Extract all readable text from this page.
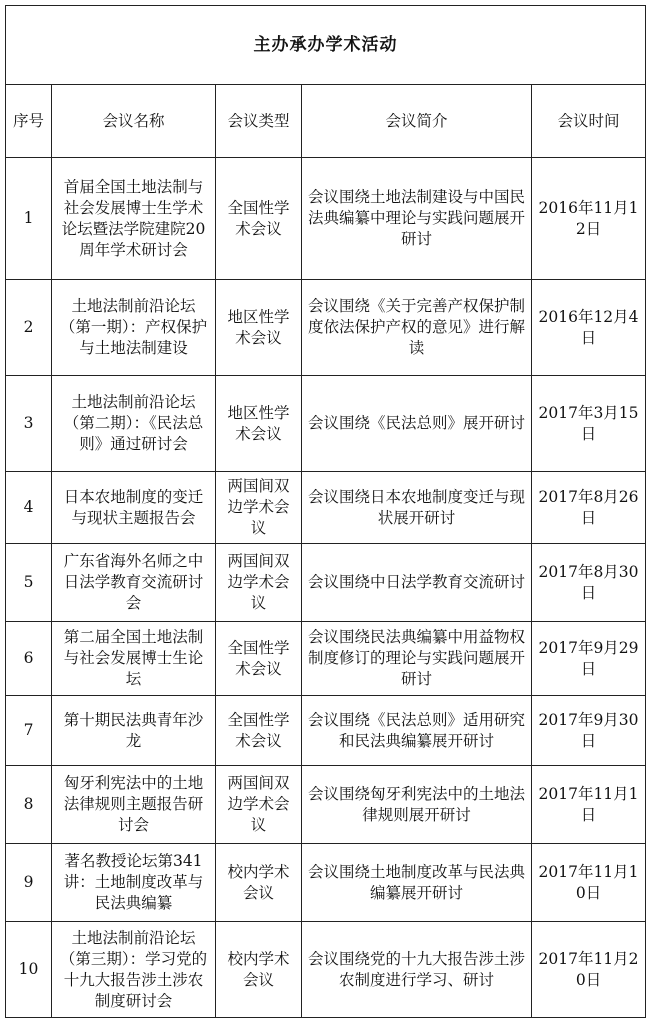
主办承办学术活动				
序号	会议名称	会议类型	会议简介	会议时间
1	首届全国土地法制与社会发展博士生学术论坛暨法学院建院20周年学术研讨会	全国性学术会议	会议围绕土地法制建设与中国民法典编纂中理论与实践问题展开研讨	2016年11月12日
2	土地法制前沿论坛（第一期）：产权保护与土地法制建设	地区性学术会议	会议围绕《关于完善产权保护制度依法保护产权的意见》进行解读	2016年12月4日
3	土地法制前沿论坛（第二期）：《民法总则》通过研讨会	地区性学术会议	会议围绕《民法总则》展开研讨	2017年3月15日
4	日本农地制度的变迁与现状主题报告会	两国间双边学术会议	会议围绕日本农地制度变迁与现状展开研讨	2017年8月26日
5	广东省海外名师之中日法学教育交流研讨会	两国间双边学术会议	会议围绕中日法学教育交流研讨	2017年8月30日
6	第二届全国土地法制与社会发展博士生论坛	全国性学术会议	会议围绕民法典编纂中用益物权制度修订的理论与实践问题展开研讨	2017年9月29日
7	第十期民法典青年沙龙	全国性学术会议	会议围绕《民法总则》适用研究和民法典编纂展开研讨	2017年9月30日
8	匈牙利宪法中的土地法律规则主题报告研讨会	两国间双边学术会议	会议围绕匈牙利宪法中的土地法律规则展开研讨	2017年11月1日
9	著名教授论坛第341讲：土地制度改革与民法典编纂	校内学术会议	会议围绕土地制度改革与民法典编纂展开研讨	2017年11月10日
10	土地法制前沿论坛（第三期）：学习党的十九大报告涉土涉农制度研讨会	校内学术会议	会议围绕党的十九大报告涉土涉农制度进行学习、研讨	2017年11月20日
